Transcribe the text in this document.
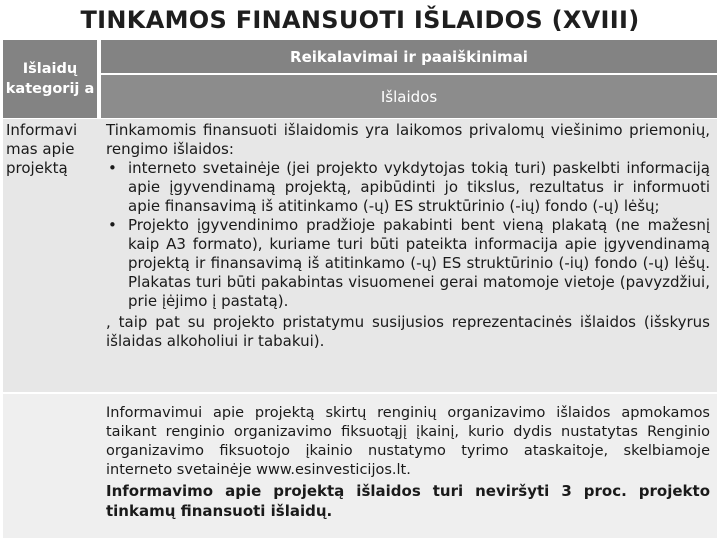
TINKAMOS FINANSUOTI IŠLAIDOS (XVIII)
Išlaidų kategorij a
Reikalavimai ir paaiškinimai
Išlaidos
Informavi
mas apie
projektą

Tinkamomis finansuoti išlaidomis yra laikomos privalomų viešinimo priemonių, rengimo išlaidos:

• interneto svetainėje (jei projekto vykdytojas tokią turi) paskelbti informaciją apie įgyvendinamą projektą, apibūdinti jo tikslus, rezultatus ir informuoti apie finansavimą iš atitinkamo (-ų) ES struktūrinio (-ių) fondo (-ų) lėšų;
• Projekto įgyvendinimo pradžioje pakabinti bent vieną plakatą (ne mažesnį kaip A3 formato), kuriame turi būti pateikta informacija apie įgyvendinamą projektą ir finansavimą iš atitinkamo (-ų) ES struktūrinio (-ių) fondo (-ų) lėšų. Plakatas turi būti pakabintas visuomenei gerai matomoje vietoje (pavyzdžiui, prie įėjimo į pastatą).

, taip pat su projekto pristatymu susijusios reprezentacinės išlaidos (išskyrus išlaidas alkoholiui ir tabakui).

Informavimui apie projektą skirtų renginių organizavimo išlaidos apmokamos taikant renginio organizavimo fiksuotąjį įkainį, kurio dydis nustatytas Renginio organizavimo fiksuotojo įkainio nustatymo tyrimo ataskaitoje, skelbiamoje interneto svetainėje www.esinvesticijos.lt.

Informavimo apie projektą išlaidos turi neviršyti 3 proc. projekto tinkamų finansuoti išlaidų.
